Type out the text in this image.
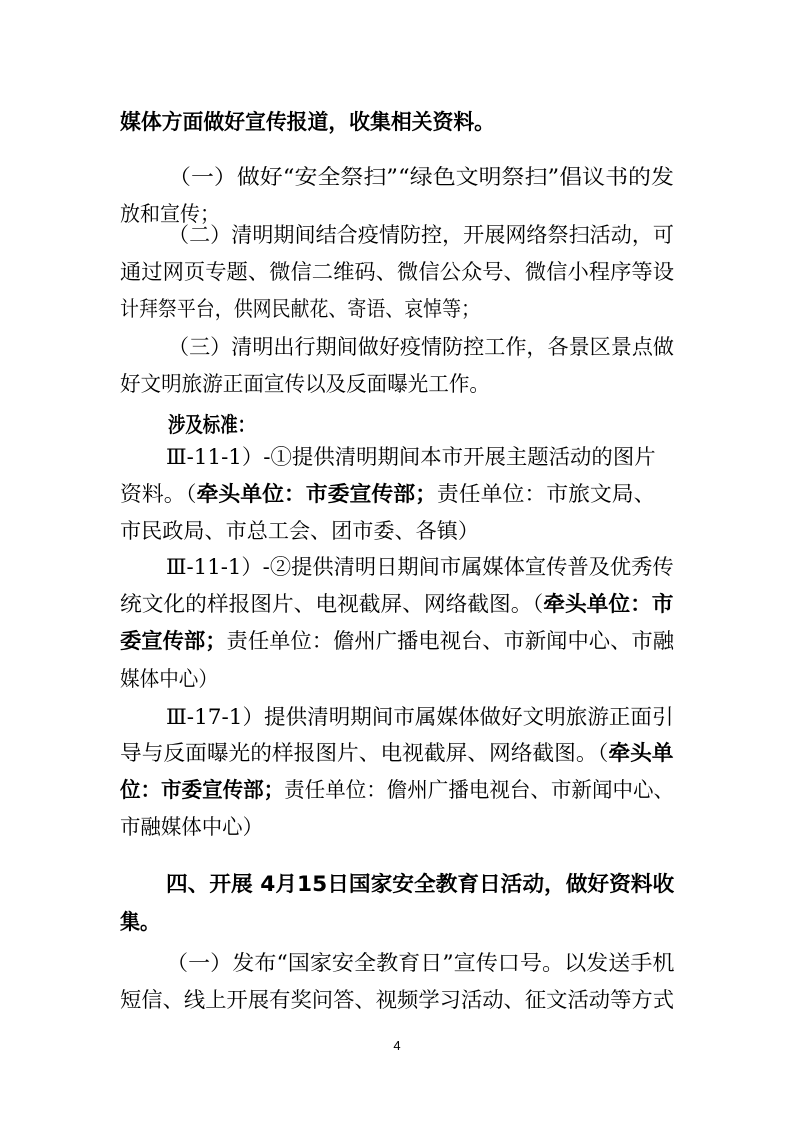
媒体方面做好宣传报道，收集相关资料。
（一）做好“安全祭扫”“绿色文明祭扫”倡议书的发
放和宣传；
（二）清明期间结合疫情防控，开展网络祭扫活动，可
通过网页专题、微信二维码、微信公众号、微信小程序等设
计拜祭平台，供网民献花、寄语、哀悼等；
（三）清明出行期间做好疫情防控工作，各景区景点做
好文明旅游正面宣传以及反面曝光工作。
涉及标准：
Ⅲ-11-1）-①提供清明期间本市开展主题活动的图片
资料。（牵头单位：市委宣传部；责任单位：市旅文局、
市民政局、市总工会、团市委、各镇）
Ⅲ-11-1）-②提供清明日期间市属媒体宣传普及优秀传
统文化的样报图片、电视截屏、网络截图。（牵头单位：市
委宣传部；责任单位：儋州广播电视台、市新闻中心、市融
媒体中心）
Ⅲ-17-1）提供清明期间市属媒体做好文明旅游正面引
导与反面曝光的样报图片、电视截屏、网络截图。（牵头单
位：市委宣传部；责任单位：儋州广播电视台、市新闻中心、
市融媒体中心）
四、开展 4月15日国家安全教育日活动，做好资料收
集。
（一）发布“国家安全教育日”宣传口号。以发送手机
短信、线上开展有奖问答、视频学习活动、征文活动等方式
4
